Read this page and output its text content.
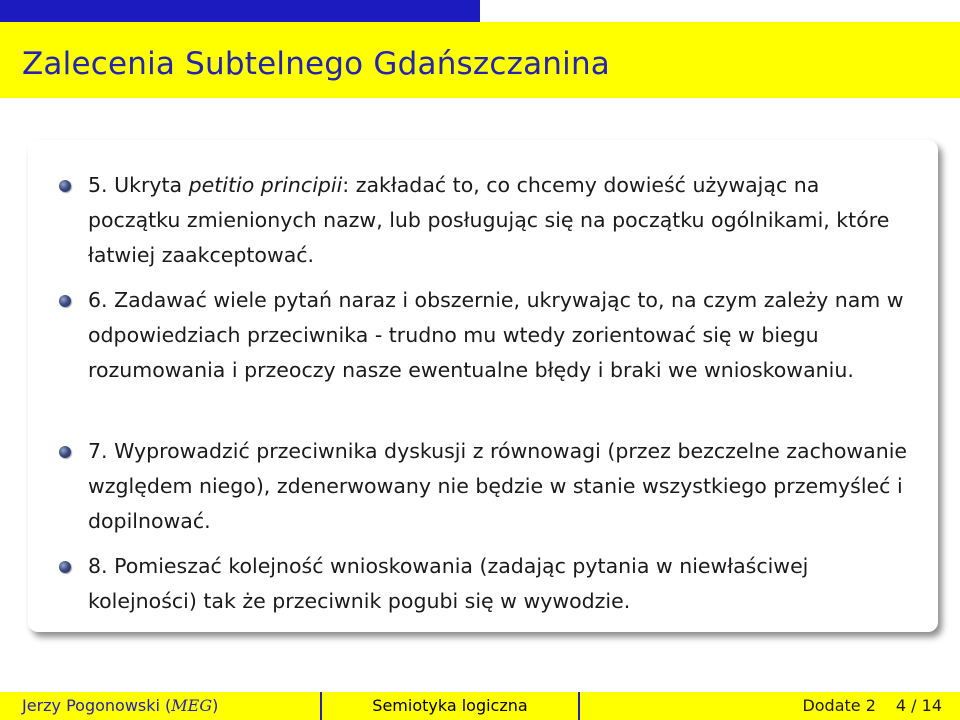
Zalecenia Subtelnego Gdańszczanina
5. Ukryta petitio principii: zakładać to, co chcemy dowieść używając na początku zmienionych nazw, lub posługując się na początku ogólnikami, które łatwiej zaakceptować.
6. Zadawać wiele pytań naraz i obszernie, ukrywając to, na czym zależy nam w odpowiedziach przeciwnika - trudno mu wtedy zorientować się w biegu rozumowania i przeoczy nasze ewentualne błędy i braki we wnioskowaniu.
7. Wyprowadzić przeciwnika dyskusji z równowagi (przez bezczelne zachowanie względem niego), zdenerwowany nie będzie w stanie wszystkiego przemyśleć i dopilnować.
8. Pomieszać kolejność wnioskowania (zadając pytania w niewłaściwej kolejności) tak że przeciwnik pogubi się w wywodzie.
Jerzy Pogonowski (MEG)	Semiotyka logiczna	Dodate 2 4 / 14
